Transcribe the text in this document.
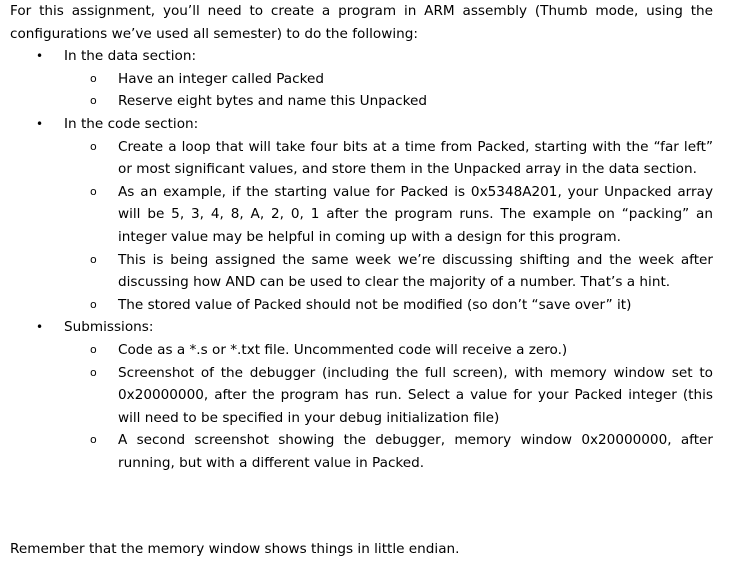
For this assignment, you’ll need to create a program in ARM assembly (Thumb mode, using the configurations we’ve used all semester) to do the following:

• In the data section:
o Have an integer called Packed
o Reserve eight bytes and name this Unpacked
• In the code section:
o Create a loop that will take four bits at a time from Packed, starting with the “far left” or most significant values, and store them in the Unpacked array in the data section.
o As an example, if the starting value for Packed is 0x5348A201, your Unpacked array will be 5, 3, 4, 8, A, 2, 0, 1 after the program runs. The example on “packing” an integer value may be helpful in coming up with a design for this program.
o This is being assigned the same week we’re discussing shifting and the week after discussing how AND can be used to clear the majority of a number. That’s a hint.
o The stored value of Packed should not be modified (so don’t “save over” it)
• Submissions:
o Code as a *.s or *.txt file. Uncommented code will receive a zero.)
o Screenshot of the debugger (including the full screen), with memory window set to 0x20000000, after the program has run. Select a value for your Packed integer (this will need to be specified in your debug initialization file)
o A second screenshot showing the debugger, memory window 0x20000000, after running, but with a different value in Packed.

Remember that the memory window shows things in little endian.
